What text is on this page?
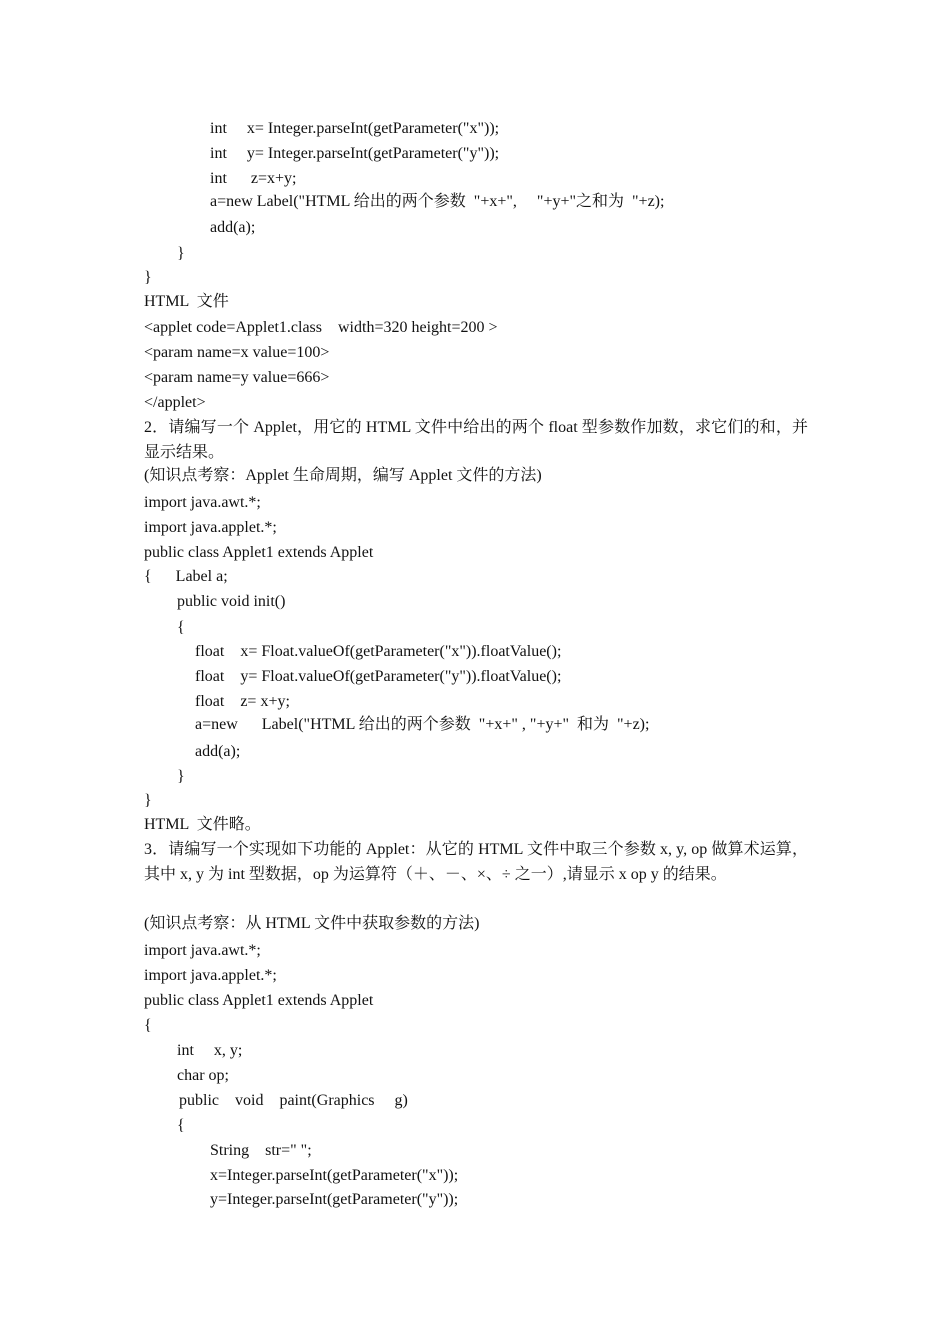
int     x= Integer.parseInt(getParameter("x"));
int     y= Integer.parseInt(getParameter("y"));
int      z=x+y;
a=new Label("HTML 给出的两个参数  "+x+",     "+y+"之和为  "+z);
add(a);
}
}
HTML  文件
<applet code=Applet1.class    width=320 height=200 >
<param name=x value=100>
<param name=y value=666>
</applet>
2．请编写一个 Applet，用它的 HTML 文件中给出的两个 float 型参数作加数，求它们的和，并显示结果。
(知识点考察：Applet 生命周期，编写 Applet 文件的方法)
import java.awt.*;
import java.applet.*;
public class Applet1 extends Applet
{      Label a;
public void init()
{
float    x= Float.valueOf(getParameter("x")).floatValue();
float    y= Float.valueOf(getParameter("y")).floatValue();
float    z= x+y;
a=new      Label("HTML 给出的两个参数  "+x+" , "+y+"  和为  "+z);
add(a);
}
}
HTML  文件略。
3．请编写一个实现如下功能的 Applet：从它的 HTML 文件中取三个参数 x, y, op 做算术运算，其中 x, y 为 int 型数据，op 为运算符（＋、－、×、÷ 之一）,请显示 x op y 的结果。
(知识点考察：从 HTML 文件中获取参数的方法)
import java.awt.*;
import java.applet.*;
public class Applet1 extends Applet
{
int     x, y;
char op;
public    void    paint(Graphics     g)
{
String    str=" ";
x=Integer.parseInt(getParameter("x"));
y=Integer.parseInt(getParameter("y"));
